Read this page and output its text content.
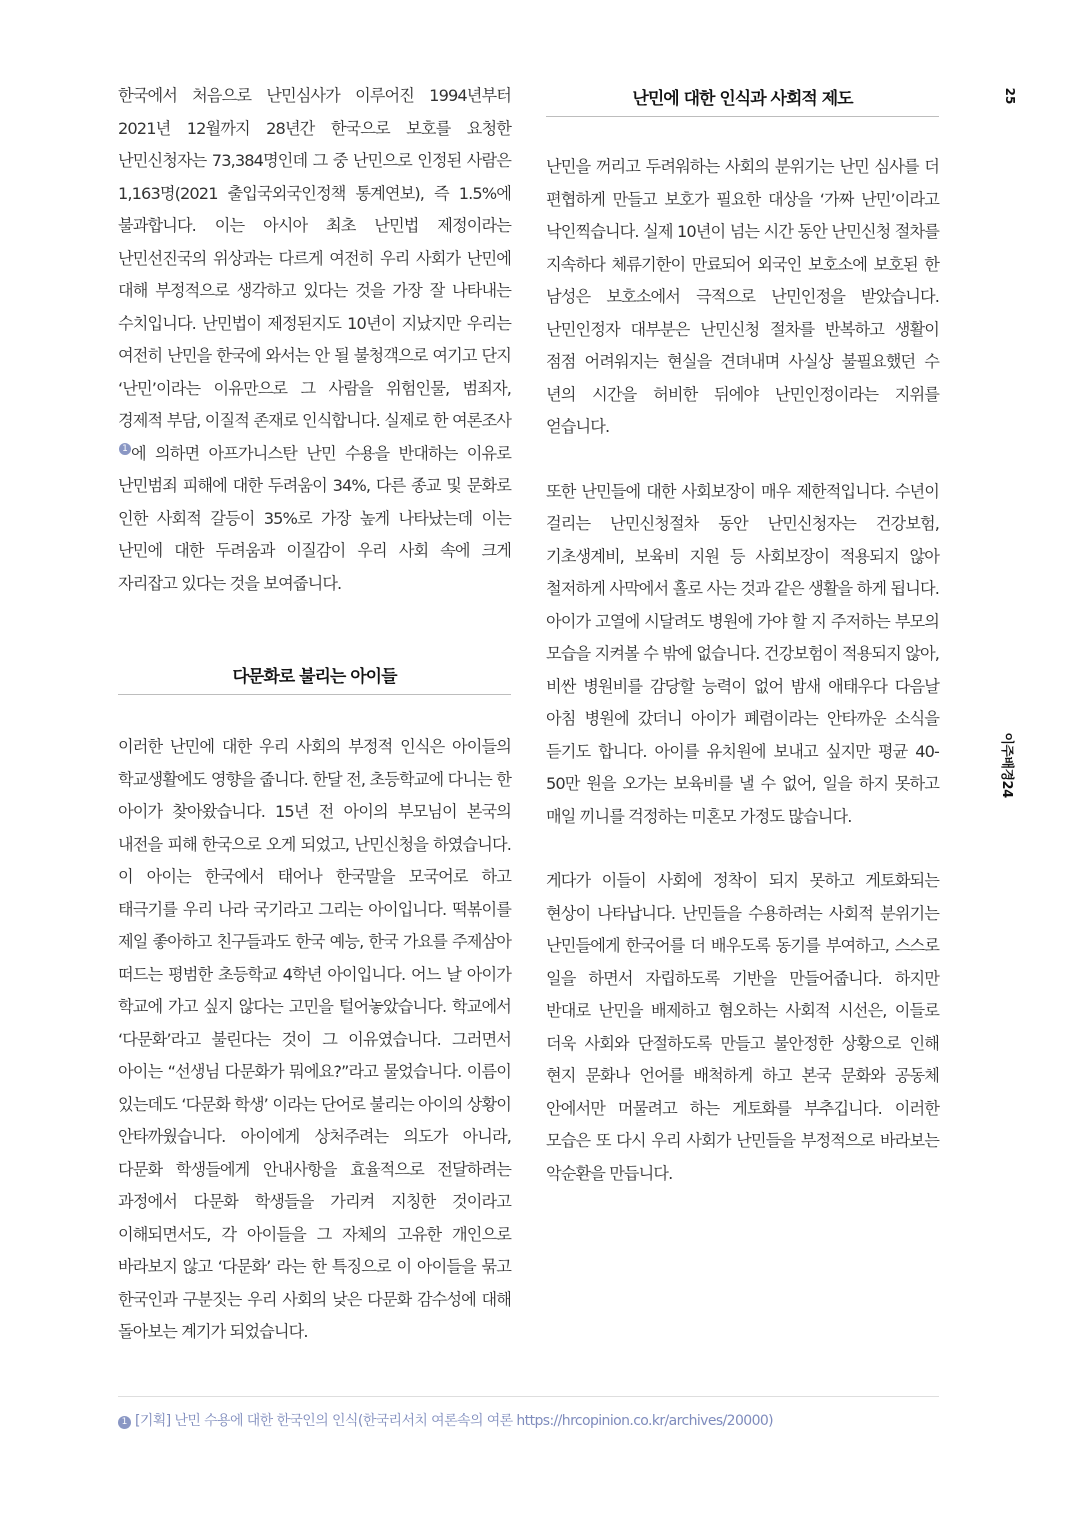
25
이주배경24

한국에서 처음으로 난민심사가 이루어진 1994년부터 2021년 12월까지 28년간 한국으로 보호를 요청한 난민신청자는 73,384명인데 그 중 난민으로 인정된 사람은 1,163명(2021 출입국외국인정책 통계연보), 즉 1.5%에 불과합니다. 이는 아시아 최초 난민법 제정이라는 난민선진국의 위상과는 다르게 여전히 우리 사회가 난민에 대해 부정적으로 생각하고 있다는 것을 가장 잘 나타내는 수치입니다. 난민법이 제정된지도 10년이 지났지만 우리는 여전히 난민을 한국에 와서는 안 될 불청객으로 여기고 단지 ‘난민’이라는 이유만으로 그 사람을 위험인물, 범죄자, 경제적 부담, 이질적 존재로 인식합니다. 실제로 한 여론조사1 에 의하면 아프가니스탄 난민 수용을 반대하는 이유로 난민범죄 피해에 대한 두려움이 34%, 다른 종교 및 문화로 인한 사회적 갈등이 35%로 가장 높게 나타났는데 이는 난민에 대한 두려움과 이질감이 우리 사회 속에 크게 자리잡고 있다는 것을 보여줍니다.

다문화로 불리는 아이들

이러한 난민에 대한 우리 사회의 부정적 인식은 아이들의 학교생활에도 영향을 줍니다. 한달 전, 초등학교에 다니는 한 아이가 찾아왔습니다. 15년 전 아이의 부모님이 본국의 내전을 피해 한국으로 오게 되었고, 난민신청을 하였습니다. 이 아이는 한국에서 태어나 한국말을 모국어로 하고 태극기를 우리 나라 국기라고 그리는 아이입니다. 떡볶이를 제일 좋아하고 친구들과도 한국 예능, 한국 가요를 주제삼아 떠드는 평범한 초등학교 4학년 아이입니다. 어느 날 아이가 학교에 가고 싶지 않다는 고민을 털어놓았습니다. 학교에서 ‘다문화’라고 불린다는 것이 그 이유였습니다. 그러면서 아이는 “선생님 다문화가 뭐에요?”라고 물었습니다. 이름이 있는데도 ‘다문화 학생’ 이라는 단어로 불리는 아이의 상황이 안타까웠습니다. 아이에게 상처주려는 의도가 아니라, 다문화 학생들에게 안내사항을 효율적으로 전달하려는 과정에서 다문화 학생들을 가리켜 지칭한 것이라고 이해되면서도, 각 아이들을 그 자체의 고유한 개인으로 바라보지 않고 ‘다문화’ 라는 한 특징으로 이 아이들을 묶고 한국인과 구분짓는 우리 사회의 낮은 다문화 감수성에 대해 돌아보는 계기가 되었습니다.

난민에 대한 인식과 사회적 제도

난민을 꺼리고 두려워하는 사회의 분위기는 난민 심사를 더 편협하게 만들고 보호가 필요한 대상을 ‘가짜 난민’이라고 낙인찍습니다. 실제 10년이 넘는 시간 동안 난민신청 절차를 지속하다 체류기한이 만료되어 외국인 보호소에 보호된 한 남성은 보호소에서 극적으로 난민인정을 받았습니다. 난민인정자 대부분은 난민신청 절차를 반복하고 생활이 점점 어려워지는 현실을 견뎌내며 사실상 불필요했던 수 년의 시간을 허비한 뒤에야 난민인정이라는 지위를 얻습니다.

또한 난민들에 대한 사회보장이 매우 제한적입니다. 수년이 걸리는 난민신청절차 동안 난민신청자는 건강보험, 기초생계비, 보육비 지원 등 사회보장이 적용되지 않아 철저하게 사막에서 홀로 사는 것과 같은 생활을 하게 됩니다. 아이가 고열에 시달려도 병원에 가야 할 지 주저하는 부모의 모습을 지켜볼 수 밖에 없습니다. 건강보험이 적용되지 않아, 비싼 병원비를 감당할 능력이 없어 밤새 애태우다 다음날 아침 병원에 갔더니 아이가 폐렴이라는 안타까운 소식을 듣기도 합니다. 아이를 유치원에 보내고 싶지만 평균 40-50만 원을 오가는 보육비를 낼 수 없어, 일을 하지 못하고 매일 끼니를 걱정하는 미혼모 가정도 많습니다.

게다가 이들이 사회에 정착이 되지 못하고 게토화되는 현상이 나타납니다. 난민들을 수용하려는 사회적 분위기는 난민들에게 한국어를 더 배우도록 동기를 부여하고, 스스로 일을 하면서 자립하도록 기반을 만들어줍니다. 하지만 반대로 난민을 배제하고 혐오하는 사회적 시선은, 이들로 더욱 사회와 단절하도록 만들고 불안정한 상황으로 인해 현지 문화나 언어를 배척하게 하고 본국 문화와 공동체 안에서만 머물려고 하는 게토화를 부추깁니다. 이러한 모습은 또 다시 우리 사회가 난민들을 부정적으로 바라보는 악순환을 만듭니다.

1 [기획] 난민 수용에 대한 한국인의 인식(한국리서치 여론속의 여론 https://hrcopinion.co.kr/archives/20000)
